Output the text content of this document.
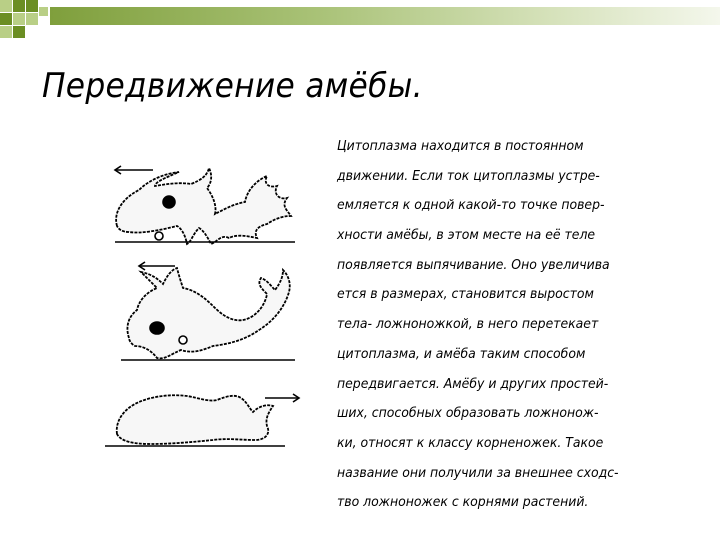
Передвижение амёбы.
Цитоплазма находится в постоянном
движении. Если ток цитоплазмы устре-
емляется к одной какой-то точке повер-
хности амёбы, в этом месте на её теле
появляется выпячивание. Оно увеличива
ется в размерах, становится выростом
тела- ложноножкой, в него перетекает
цитоплазма, и амёба таким способом
передвигается. Амёбу и других простей-
ших, способных образовать ложнонож-
ки, относят к классу корненожек. Такое
название они получили за внешнее сходс-
тво ложноножек с корнями растений.
